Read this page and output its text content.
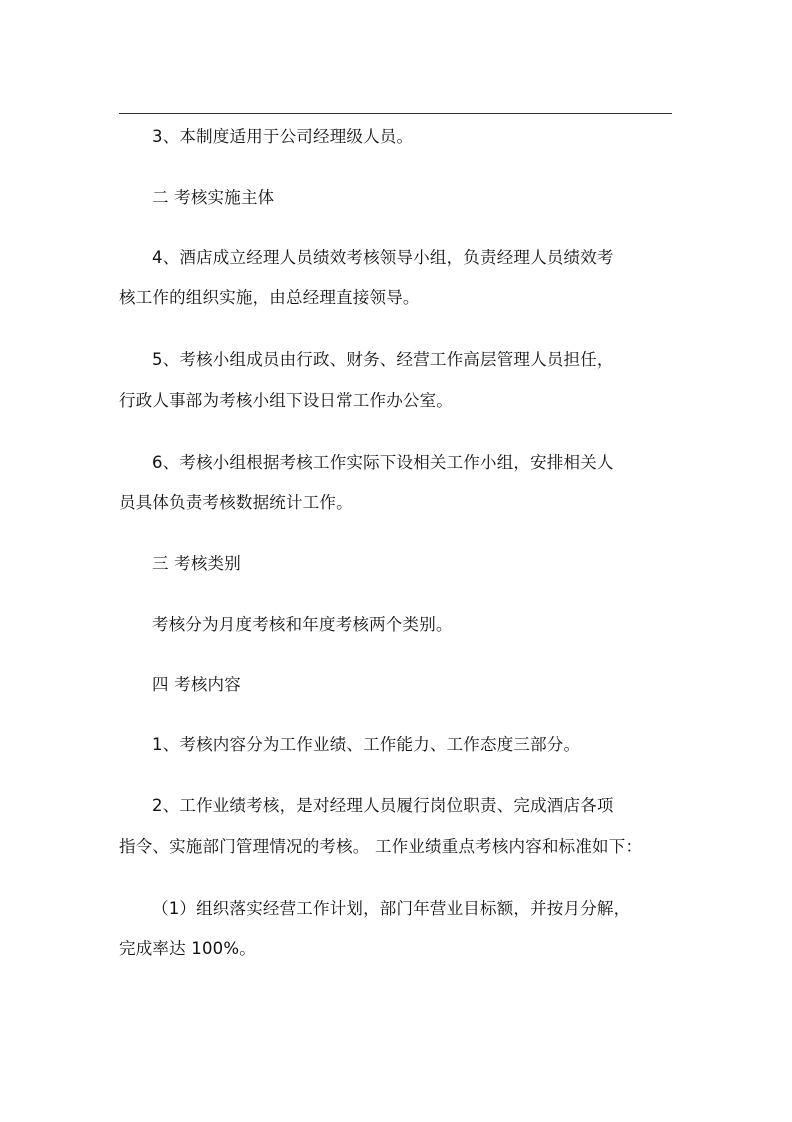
3、本制度适用于公司经理级人员。
二 考核实施主体
4、酒店成立经理人员绩效考核领导小组，负责经理人员绩效考
核工作的组织实施，由总经理直接领导。
5、考核小组成员由行政、财务、经营工作高层管理人员担任，
行政人事部为考核小组下设日常工作办公室。
6、考核小组根据考核工作实际下设相关工作小组，安排相关人
员具体负责考核数据统计工作。
三 考核类别
考核分为月度考核和年度考核两个类别。
四 考核内容
1、考核内容分为工作业绩、工作能力、工作态度三部分。
2、工作业绩考核，是对经理人员履行岗位职责、完成酒店各项
指令、实施部门管理情况的考核。 工作业绩重点考核内容和标准如下：
（1）组织落实经营工作计划，部门年营业目标额，并按月分解，
完成率达 100%。
